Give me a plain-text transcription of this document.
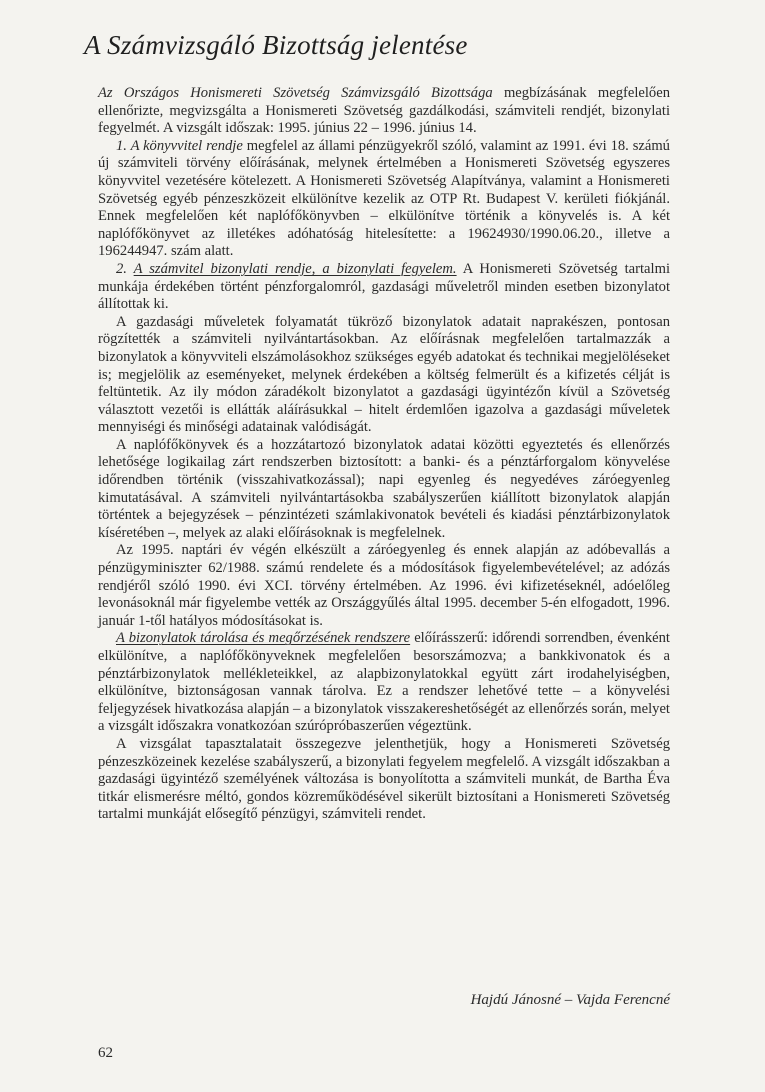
A Számvizsgáló Bizottság jelentése

Az Országos Honismereti Szövetség Számvizsgáló Bizottsága megbízásának megfelelően ellenőrizte, megvizsgálta a Honismereti Szövetség gazdálkodási, számviteli rendjét, bizonylati fegyelmét. A vizsgált időszak: 1995. június 22 – 1996. június 14.

1. A könyvvitel rendje megfelel az állami pénzügyekről szóló, valamint az 1991. évi 18. számú új számviteli törvény előírásának, melynek értelmében a Honismereti Szövetség egyszeres könyvvitel vezetésére kötelezett. A Honismereti Szövetség Alapítványa, valamint a Honismereti Szövetség egyéb pénzeszközeit elkülönítve kezelik az OTP Rt. Budapest V. kerületi fiókjánál. Ennek megfelelően két naplófőkönyvben – elkülönítve történik a könyvelés is. A két naplófőkönyvet az illetékes adóhatóság hitelesítette: a 19624930/1990.06.20., illetve a 196244947. szám alatt.

2. A számvitel bizonylati rendje, a bizonylati fegyelem. A Honismereti Szövetség tartalmi munkája érdekében történt pénzforgalomról, gazdasági műveletről minden esetben bizonylatot állítottak ki.

A gazdasági műveletek folyamatát tükröző bizonylatok adatait naprakészen, pontosan rögzítették a számviteli nyilvántartásokban. Az előírásnak megfelelően tartalmazzák a bizonylatok a könyvviteli elszámolásokhoz szükséges egyéb adatokat és technikai megjelöléseket is; megjelölik az eseményeket, melynek érdekében a költség felmerült és a kifizetés célját is feltüntetik. Az ily módon záradékolt bizonylatot a gazdasági ügyintézőn kívül a Szövetség választott vezetői is ellátták aláírásukkal – hitelt érdemlően igazolva a gazdasági műveletek mennyiségi és minőségi adatainak valódiságát.

A naplófőkönyvek és a hozzátartozó bizonylatok adatai közötti egyeztetés és ellenőrzés lehetősége logikailag zárt rendszerben biztosított: a banki- és a pénztárforgalom könyvelése időrendben történik (visszahivatkozással); napi egyenleg és negyedéves záróegyenleg kimutatásával. A számviteli nyilvántartásokba szabályszerűen kiállított bizonylatok alapján történtek a bejegyzések – pénzintézeti számlakivonatok bevételi és kiadási pénztárbizonylatok kíséretében –, melyek az alaki előírásoknak is megfelelnek.

Az 1995. naptári év végén elkészült a záróegyenleg és ennek alapján az adóbevallás a pénzügyminiszter 62/1988. számú rendelete és a módosítások figyelembevételével; az adózás rendjéről szóló 1990. évi XCI. törvény értelmében. Az 1996. évi kifizetéseknél, adóelőleg levonásoknál már figyelembe vették az Országgyűlés által 1995. december 5-én elfogadott, 1996. január 1-től hatályos módosításokat is.

A bizonylatok tárolása és megőrzésének rendszere előírásszerű: időrendi sorrendben, évenként elkülönítve, a naplófőkönyveknek megfelelően besorszámozva; a bankkivonatok és a pénztárbizonylatok mellékleteikkel, az alapbizonylatokkal együtt zárt irodahelyiségben, elkülönítve, biztonságosan vannak tárolva. Ez a rendszer lehetővé tette – a könyvelési feljegyzések hivatkozása alapján – a bizonylatok visszakereshetőségét az ellenőrzés során, melyet a vizsgált időszakra vonatkozóan szúrópróbaszerűen végeztünk.

A vizsgálat tapasztalatait összegezve jelenthetjük, hogy a Honismereti Szövetség pénzeszközeinek kezelése szabályszerű, a bizonylati fegyelem megfelelő. A vizsgált időszakban a gazdasági ügyintéző személyének változása is bonyolította a számviteli munkát, de Bartha Éva titkár elismerésre méltó, gondos közreműködésével sikerült biztosítani a Honismereti Szövetség tartalmi munkáját elősegítő pénzügyi, számviteli rendet.

Hajdú Jánosné – Vajda Ferencné

62
